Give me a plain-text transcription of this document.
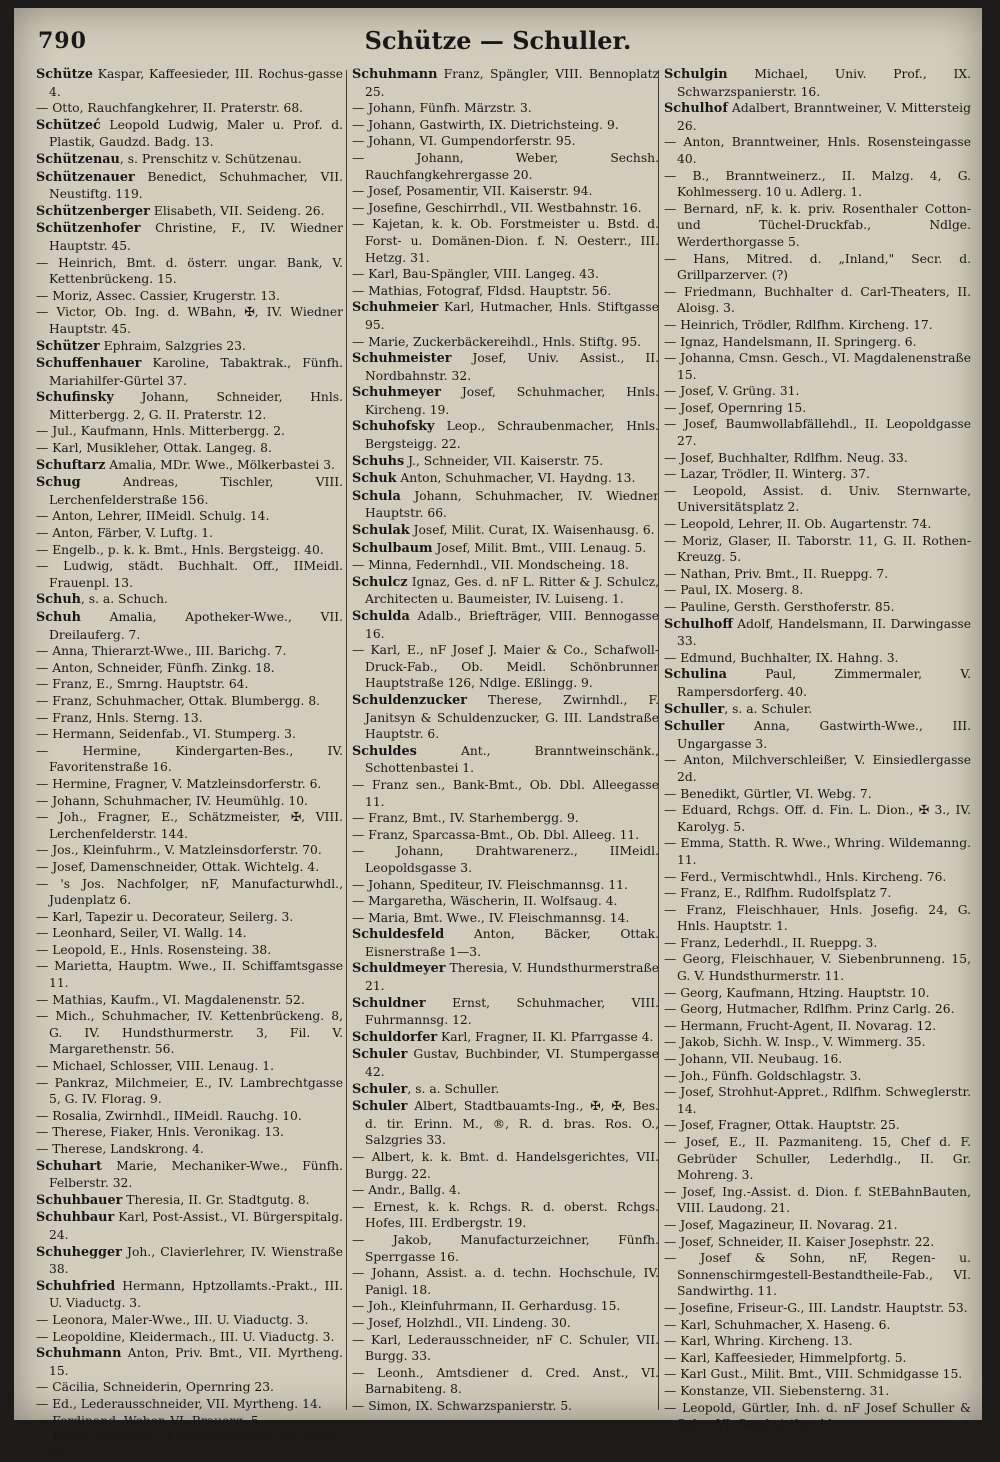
790	Schütze — Schuller.

Schütze Kaspar, Kaffeesieder, III. Rochus-gasse 4.

— Otto, Rauchfangkehrer, II. Praterstr. 68.

Schützeć Leopold Ludwig, Maler u. Prof. d. Plastik, Gaudzd. Badg. 13.

Schützenau, s. Prenschitz v. Schützenau.

Schützenauer Benedict, Schuhmacher, VII. Neustiftg. 119.

Schützenberger Elisabeth, VII. Seideng. 26.

Schützenhofer Christine, F., IV. Wiedner Hauptstr. 45.

— Heinrich, Bmt. d. österr. ungar. Bank, V. Kettenbrückeng. 15.

— Moriz, Assec. Cassier, Krugerstr. 13.

— Victor, Ob. Ing. d. WBahn, ✠, IV. Wiedner Hauptstr. 45.

Schützer Ephraim, Salzgries 23.

Schuffenhauer Karoline, Tabaktrak., Fünfh. Mariahilfer-Gürtel 37.

Schufinsky Johann, Schneider, Hnls. Mitterbergg. 2, G. II. Praterstr. 12.

— Jul., Kaufmann, Hnls. Mitterbergg. 2.

— Karl, Musikleher, Ottak. Langeg. 8.

Schuftarz Amalia, MDr. Wwe., Mölkerbastei 3.

Schug Andreas, Tischler, VIII. Lerchenfelderstraße 156.

— Anton, Lehrer, IIMeidl. Schulg. 14.

— Anton, Färber, V. Luftg. 1.

— Engelb., p. k. k. Bmt., Hnls. Bergsteigg. 40.

— Ludwig, städt. Buchhalt. Off., IIMeidl. Frauenpl. 13.

Schuh, s. a. Schuch.

Schuh Amalia, Apotheker-Wwe., VII. Dreilauferg. 7.

— Anna, Thierarzt-Wwe., III. Barichg. 7.

— Anton, Schneider, Fünfh. Zinkg. 18.

— Franz, E., Smrng. Hauptstr. 64.

— Franz, Schuhmacher, Ottak. Blumbergg. 8.

— Franz, Hnls. Sterng. 13.

— Hermann, Seidenfab., VI. Stumperg. 3.

— Hermine, Kindergarten-Bes., IV. Favoritenstraße 16.

— Hermine, Fragner, V. Matzleinsdorferstr. 6.

— Johann, Schuhmacher, IV. Heumühlg. 10.

— Joh., Fragner, E., Schätzmeister, ✠, VIII. Lerchenfelderstr. 144.

— Jos., Kleinfuhrm., V. Matzleinsdorferstr. 70.

— Josef, Damenschneider, Ottak. Wichtelg. 4.

— 's Jos. Nachfolger, nF, Manufacturwhdl., Judenplatz 6.

— Karl, Tapezir u. Decorateur, Seilerg. 3.

— Leonhard, Seiler, VI. Wallg. 14.

— Leopold, E., Hnls. Rosensteing. 38.

— Marietta, Hauptm. Wwe., II. Schiffamtsgasse 11.

— Mathias, Kaufm., VI. Magdalenenstr. 52.

— Mich., Schuhmacher, IV. Kettenbrückeng. 8, G. IV. Hundsthurmerstr. 3, Fil. V. Margarethenstr. 56.

— Michael, Schlosser, VIII. Lenaug. 1.

— Pankraz, Milchmeier, E., IV. Lambrechtgasse 5, G. IV. Florag. 9.

— Rosalia, Zwirnhdl., IIMeidl. Rauchg. 10.

— Therese, Fiaker, Hnls. Veronikag. 13.

— Therese, Landskrong. 4.

Schuhart Marie, Mechaniker-Wwe., Fünfh. Felberstr. 32.

Schuhbauer Theresia, II. Gr. Stadtgutg. 8.

Schuhbaur Karl, Post-Assist., VI. Bürgerspitalg. 24.

Schuhegger Joh., Clavierlehrer, IV. Wienstraße 38.

Schuhfried Hermann, Hptzollamts.-Prakt., III. U. Viaductg. 3.

— Leonora, Maler-Wwe., III. U. Viaductg. 3.

— Leopoldine, Kleidermach., III. U. Viaductg. 3.

Schuhmann Anton, Priv. Bmt., VII. Myrtheng. 15.

— Cäcilia, Schneiderin, Opernring 23.

— Ed., Lederausschneider, VII. Myrtheng. 14.

— Ferdinand, Weber, VI. Brauerg. 5.

— Franz, Vergolder, Kunstmarmorirer, VI. Webg. 38.

Schuhmann Franz, Spängler, VIII. Bennoplatz 25.

— Johann, Fünfh. Märzstr. 3.

— Johann, Gastwirth, IX. Dietrichsteing. 9.

— Johann, VI. Gumpendorferstr. 95.

— Johann, Weber, Sechsh. Rauchfangkehrergasse 20.

— Josef, Posamentir, VII. Kaiserstr. 94.

— Josefine, Geschirrhdl., VII. Westbahnstr. 16.

— Kajetan, k. k. Ob. Forstmeister u. Bstd. d. Forst- u. Domänen-Dion. f. N. Oesterr., III. Hetzg. 31.

— Karl, Bau-Spängler, VIII. Langeg. 43.

— Mathias, Fotograf, Fldsd. Hauptstr. 56.

Schuhmeier Karl, Hutmacher, Hnls. Stiftgasse 95.

— Marie, Zuckerbäckereihdl., Hnls. Stiftg. 95.

Schuhmeister Josef, Univ. Assist., II. Nordbahnstr. 32.

Schuhmeyer Josef, Schuhmacher, Hnls. Kircheng. 19.

Schuhofsky Leop., Schraubenmacher, Hnls. Bergsteigg. 22.

Schuhs J., Schneider, VII. Kaiserstr. 75.

Schuk Anton, Schuhmacher, VI. Haydng. 13.

Schula Johann, Schuhmacher, IV. Wiedner Hauptstr. 66.

Schulak Josef, Milit. Curat, IX. Waisenhausg. 6.

Schulbaum Josef, Milit. Bmt., VIII. Lenaug. 5.

— Minna, Federnhdl., VII. Mondscheing. 18.

Schulcz Ignaz, Ges. d. nF L. Ritter & J. Schulcz, Architecten u. Baumeister, IV. Luiseng. 1.

Schulda Adalb., Briefträger, VIII. Bennogasse 16.

— Karl, E., nF Josef J. Maier & Co., Schafwoll-Druck-Fab., Ob. Meidl. Schönbrunner Hauptstraße 126, Ndlge. Eßlingg. 9.

Schuldenzucker Therese, Zwirnhdl., F. Janitsyn & Schuldenzucker, G. III. Landstraße Hauptstr. 6.

Schuldes Ant., Branntweinschänk., Schottenbastei 1.

— Franz sen., Bank-Bmt., Ob. Dbl. Alleegasse 11.

— Franz, Bmt., IV. Starhembergg. 9.

— Franz, Sparcassa-Bmt., Ob. Dbl. Alleeg. 11.

— Johann, Drahtwarenerz., IIMeidl. Leopoldsgasse 3.

— Johann, Spediteur, IV. Fleischmannsg. 11.

— Margaretha, Wäscherin, II. Wolfsaug. 4.

— Maria, Bmt. Wwe., IV. Fleischmannsg. 14.

Schuldesfeld Anton, Bäcker, Ottak. Eisnerstraße 1—3.

Schuldmeyer Theresia, V. Hundsthurmerstraße 21.

Schuldner Ernst, Schuhmacher, VIII. Fuhrmannsg. 12.

Schuldorfer Karl, Fragner, II. Kl. Pfarrgasse 4.

Schuler Gustav, Buchbinder, VI. Stumpergasse 42.

Schuler, s. a. Schuller.

Schuler Albert, Stadtbauamts-Ing., ✠, ✠, Bes. d. tir. Erinn. M., ®, R. d. bras. Ros. O., Salzgries 33.

— Albert, k. k. Bmt. d. Handelsgerichtes, VII. Burgg. 22.

— Andr., Ballg. 4.

— Ernest, k. k. Rchgs. R. d. oberst. Rchgs. Hofes, III. Erdbergstr. 19.

— Jakob, Manufacturzeichner, Fünfh. Sperrgasse 16.

— Johann, Assist. a. d. techn. Hochschule, IV. Panigl. 18.

— Joh., Kleinfuhrmann, II. Gerhardusg. 15.

— Josef, Holzhdl., VII. Lindeng. 30.

— Karl, Lederausschneider, nF C. Schuler, VII. Burgg. 33.

— Leonh., Amtsdiener d. Cred. Anst., VI. Barnabiteng. 8.

— Simon, IX. Schwarzspanierstr. 5.

Schulgin Michael, Univ. Prof., IX. Schwarzspanierstr. 16.

Schulhof Adalbert, Branntweiner, V. Mittersteig 26.

— Anton, Branntweiner, Hnls. Rosensteingasse 40.

— B., Branntweinerz., II. Malzg. 4, G. Kohlmesserg. 10 u. Adlerg. 1.

— Bernard, nF, k. k. priv. Rosenthaler Cotton- und Tüchel-Druckfab., Ndlge. Werderthorgasse 5.

— Hans, Mitred. d. „Inland," Secr. d. Grillparzerver. (?)

— Friedmann, Buchhalter d. Carl-Theaters, II. Aloisg. 3.

— Heinrich, Trödler, Rdlfhm. Kircheng. 17.

— Ignaz, Handelsmann, II. Springerg. 6.

— Johanna, Cmsn. Gesch., VI. Magdalenenstraße 15.

— Josef, V. Grüng. 31.

— Josef, Opernring 15.

— Josef, Baumwollabfällehdl., II. Leopoldgasse 27.

— Josef, Buchhalter, Rdlfhm. Neug. 33.

— Lazar, Trödler, II. Winterg. 37.

— Leopold, Assist. d. Univ. Sternwarte, Universitätsplatz 2.

— Leopold, Lehrer, II. Ob. Augartenstr. 74.

— Moriz, Glaser, II. Taborstr. 11, G. II. Rothen-Kreuzg. 5.

— Nathan, Priv. Bmt., II. Rueppg. 7.

— Paul, IX. Moserg. 8.

— Pauline, Gersth. Gersthoferstr. 85.

Schulhoff Adolf, Handelsmann, II. Darwingasse 33.

— Edmund, Buchhalter, IX. Hahng. 3.

Schulina Paul, Zimmermaler, V. Rampersdorferg. 40.

Schuller, s. a. Schuler.

Schuller Anna, Gastwirth-Wwe., III. Ungargasse 3.

— Anton, Milchverschleißer, V. Einsiedlergasse 2d.

— Benedikt, Gürtler, VI. Webg. 7.

— Eduard, Rchgs. Off. d. Fin. L. Dion., ✠ 3., IV. Karolyg. 5.

— Emma, Statth. R. Wwe., Whring. Wildemanng. 11.

— Ferd., Vermischtwhdl., Hnls. Kircheng. 76.

— Franz, E., Rdlfhm. Rudolfsplatz 7.

— Franz, Fleischhauer, Hnls. Josefig. 24, G. Hnls. Hauptstr. 1.

— Franz, Lederhdl., II. Rueppg. 3.

— Georg, Fleischhauer, V. Siebenbrunneng. 15, G. V. Hundsthurmerstr. 11.

— Georg, Kaufmann, Htzing. Hauptstr. 10.

— Georg, Hutmacher, Rdlfhm. Prinz Carlg. 26.

— Hermann, Frucht-Agent, II. Novarag. 12.

— Jakob, Sichh. W. Insp., V. Wimmerg. 35.

— Johann, VII. Neubaug. 16.

— Joh., Fünfh. Goldschlagstr. 3.

— Josef, Strohhut-Appret., Rdlfhm. Schweglerstr. 14.

— Josef, Fragner, Ottak. Hauptstr. 25.

— Josef, E., II. Pazmaniteng. 15, Chef d. F. Gebrüder Schuller, Lederhdlg., II. Gr. Mohreng. 3.

— Josef, Ing.-Assist. d. Dion. f. StEBahnBauten, VIII. Laudong. 21.

— Josef, Magazineur, II. Novarag. 21.

— Josef, Schneider, II. Kaiser Josephstr. 22.

— Josef & Sohn, nF, Regen- u. Sonnenschirmgestell-Bestandtheile-Fab., VI. Sandwirthg. 11.

— Josefine, Friseur-G., III. Landstr. Hauptstr. 53.

— Karl, Schuhmacher, X. Haseng. 6.

— Karl, Whring. Kircheng. 13.

— Karl, Kaffeesieder, Himmelpfortg. 5.

— Karl Gust., Milit. Bmt., VIII. Schmidgasse 15.

— Konstanze, VII. Siebensterng. 31.

— Leopold, Gürtler, Inh. d. nF Josef Schuller & Sohn, VI. Sandwirthg. 11.
